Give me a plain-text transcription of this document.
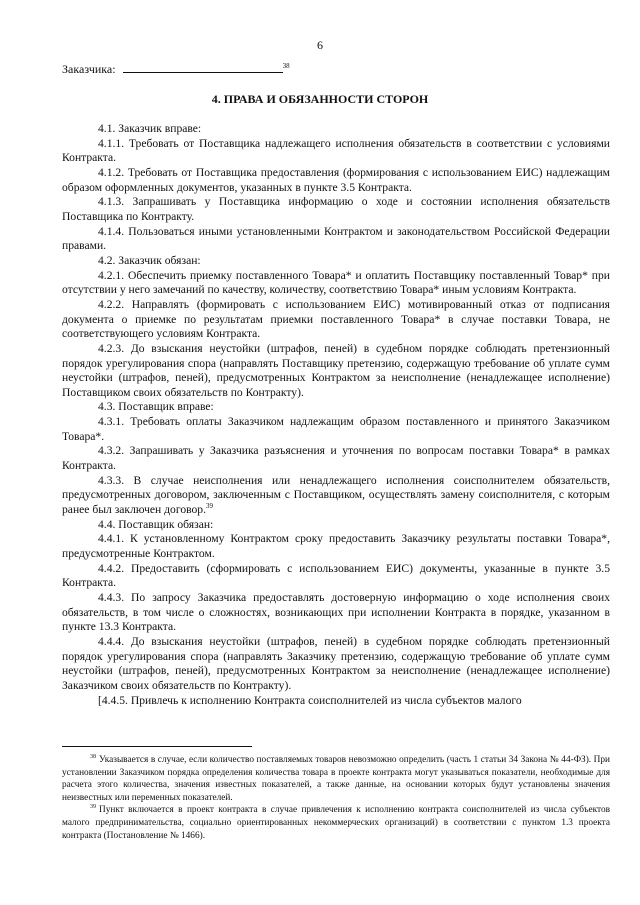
6
Заказчика:	$^{38}$
4. ПРАВА И ОБЯЗАННОСТИ СТОРОН

4.1. Заказчик вправе:

4.1.1. Требовать от Поставщика надлежащего исполнения обязательств в соответствии с условиями Контракта.

4.1.2. Требовать от Поставщика предоставления (формирования с использованием ЕИС) надлежащим образом оформленных документов, указанных в пункте 3.5 Контракта.

4.1.3. Запрашивать у Поставщика информацию о ходе и состоянии исполнения обязательств Поставщика по Контракту.

4.1.4. Пользоваться иными установленными Контрактом и законодательством Российской Федерации правами.

4.2. Заказчик обязан:

4.2.1. Обеспечить приемку поставленного Товара* и оплатить Поставщику поставленный Товар* при отсутствии у него замечаний по качеству, количеству, соответствию Товара* иным условиям Контракта.

4.2.2. Направлять (формировать с использованием ЕИС) мотивированный отказ от подписания документа о приемке по результатам приемки поставленного Товара* в случае поставки Товара, не соответствующего условиям Контракта.

4.2.3. До взыскания неустойки (штрафов, пеней) в судебном порядке соблюдать претензионный порядок урегулирования спора (направлять Поставщику претензию, содержащую требование об уплате сумм неустойки (штрафов, пеней), предусмотренных Контрактом за неисполнение (ненадлежащее исполнение) Поставщиком своих обязательств по Контракту).

4.3. Поставщик вправе:

4.3.1. Требовать оплаты Заказчиком надлежащим образом поставленного и принятого Заказчиком Товара*.

4.3.2. Запрашивать у Заказчика разъяснения и уточнения по вопросам поставки Товара* в рамках Контракта.

4.3.3. В случае неисполнения или ненадлежащего исполнения соисполнителем обязательств, предусмотренных договором, заключенным с Поставщиком, осуществлять замену соисполнителя, с которым ранее был заключен договор.$^{39}$

4.4. Поставщик обязан:

4.4.1. К установленному Контрактом сроку предоставить Заказчику результаты поставки Товара*, предусмотренные Контрактом.

4.4.2. Предоставить (сформировать с использованием ЕИС) документы, указанные в пункте 3.5 Контракта.

4.4.3. По запросу Заказчика предоставлять достоверную информацию о ходе исполнения своих обязательств, в том числе о сложностях, возникающих при исполнении Контракта в порядке, указанном в пункте 13.3 Контракта.

4.4.4. До взыскания неустойки (штрафов, пеней) в судебном порядке соблюдать претензионный порядок урегулирования спора (направлять Заказчику претензию, содержащую требование об уплате сумм неустойки (штрафов, пеней), предусмотренных Контрактом за неисполнение (ненадлежащее исполнение) Заказчиком своих обязательств по Контракту).

[4.4.5. Привлечь к исполнению Контракта соисполнителей из числа субъектов малого

$^{38}$ Указывается в случае, если количество поставляемых товаров невозможно определить (часть 1 статьи 34 Закона № 44-ФЗ). При установлении Заказчиком порядка определения количества товара в проекте контракта могут указываться показатели, необходимые для расчета этого количества, значения известных показателей, а также данные, на основании которых будут установлены значения неизвестных или переменных показателей.

$^{39}$ Пункт включается в проект контракта в случае привлечения к исполнению контракта соисполнителей из числа субъектов малого предпринимательства, социально ориентированных некоммерческих организаций) в соответствии с пунктом 1.3 проекта контракта (Постановление № 1466).
